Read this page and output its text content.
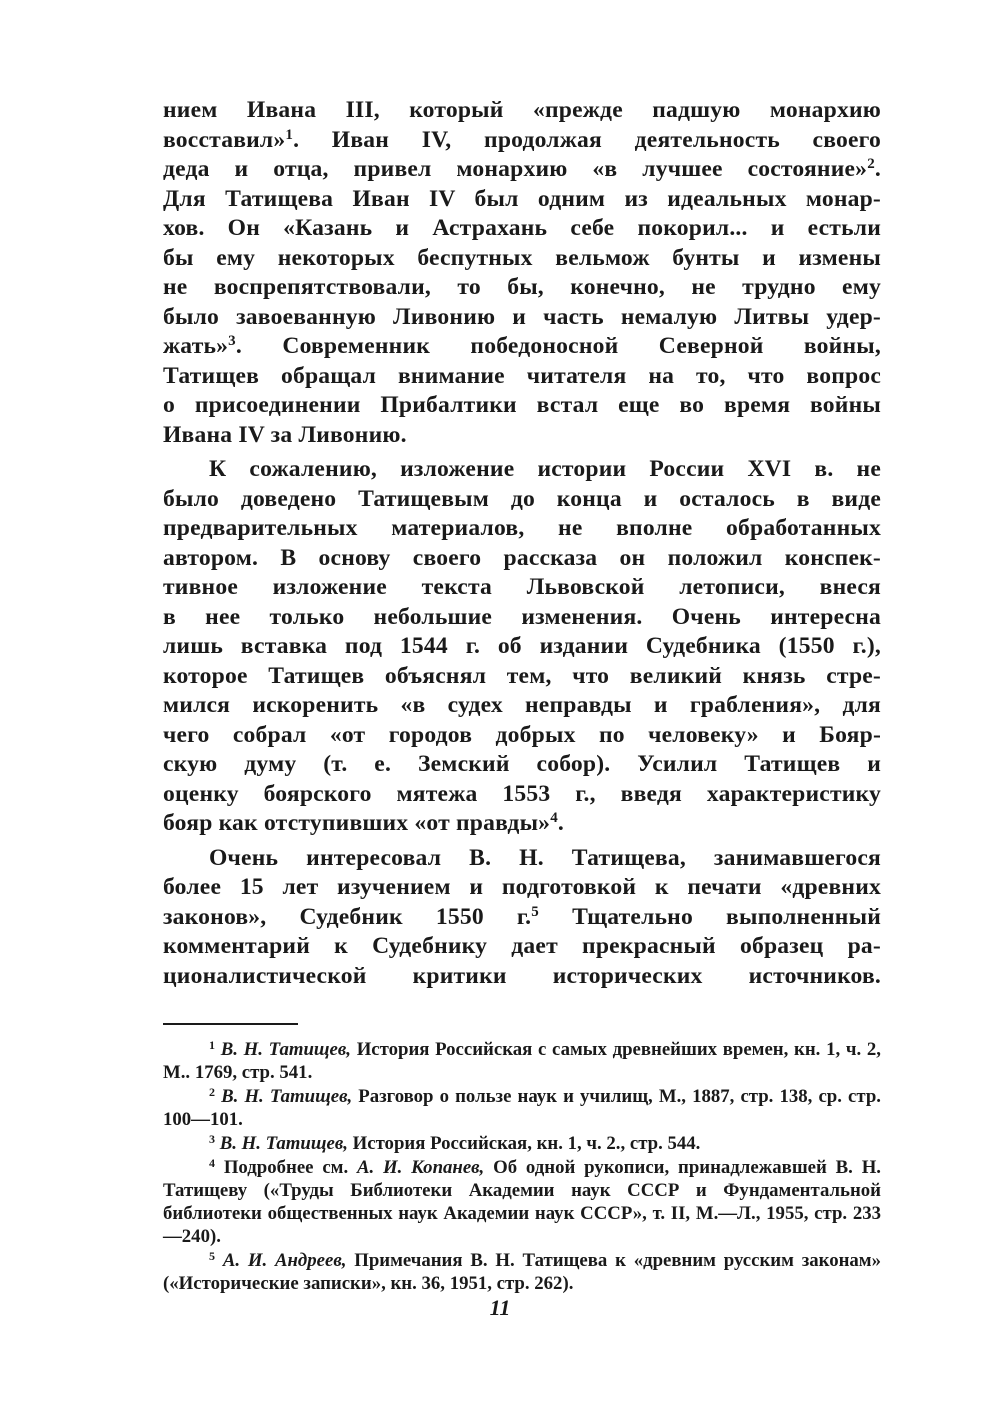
нием Ивана III, который «прежде падшую монархию

восставил»$^1$. Иван IV, продолжая деятельность своего

деда и отца, привел монархию «в лучшее состояние»$^2$.

Для Татищева Иван IV был одним из идеальных монар-

хов. Он «Казань и Астрахань себе покорил... и естьли

бы ему некоторых беспутных вельмож бунты и измены

не воспрепятствовали, то бы, конечно, не трудно ему

было завоеванную Ливонию и часть немалую Литвы удер-

жать»$^3$. Современник победоносной Северной войны,

Татищев обращал внимание читателя на то, что вопрос

о присоединении Прибалтики встал еще во время войны

Ивана IV за Ливонию.

К сожалению, изложение истории России XVI в. не

было доведено Татищевым до конца и осталось в виде

предварительных материалов, не вполне обработанных

автором. В основу своего рассказа он положил конспек-

тивное изложение текста Львовской летописи, внеся

в нее только небольшие изменения. Очень интересна

лишь вставка под 1544 г. об издании Судебника (1550 г.),

которое Татищев объяснял тем, что великий князь стре-

мился искоренить «в судех неправды и грабления», для

чего собрал «от городов добрых по человеку» и Бояр-

скую думу (т. е. Земский собор). Усилил Татищев и

оценку боярского мятежа 1553 г., введя характеристику

бояр как отступивших «от правды»$^4$.

Очень интересовал В. Н. Татищева, занимавшегося

более 15 лет изучением и подготовкой к печати «древних

законов», Судебник 1550 г.$^5$ Тщательно выполненный

комментарий к Судебнику дает прекрасный образец ра-

ционалистической критики исторических источников.

$^1$ В. Н. Татищев, История Российская с самых древнейших времен, кн. 1, ч. 2, М.. 1769, стр. 541.

$^2$ В. Н. Татищев, Разговор о пользе наук и училищ, М., 1887, стр. 138, ср. стр. 100—101.

$^3$ В. Н. Татищев, История Российская, кн. 1, ч. 2., стр. 544.

$^4$ Подробнее см. А. И. Копанев, Об одной рукописи, принадлежавшей В. Н. Татищеву («Труды Библиотеки Академии наук СССР и Фундаментальной библиотеки общественных наук Академии наук СССР», т. II, М.—Л., 1955, стр. 233—240).

$^5$ А. И. Андреев, Примечания В. Н. Татищева к «древним русским законам» («Исторические записки», кн. 36, 1951, стр. 262).

11
